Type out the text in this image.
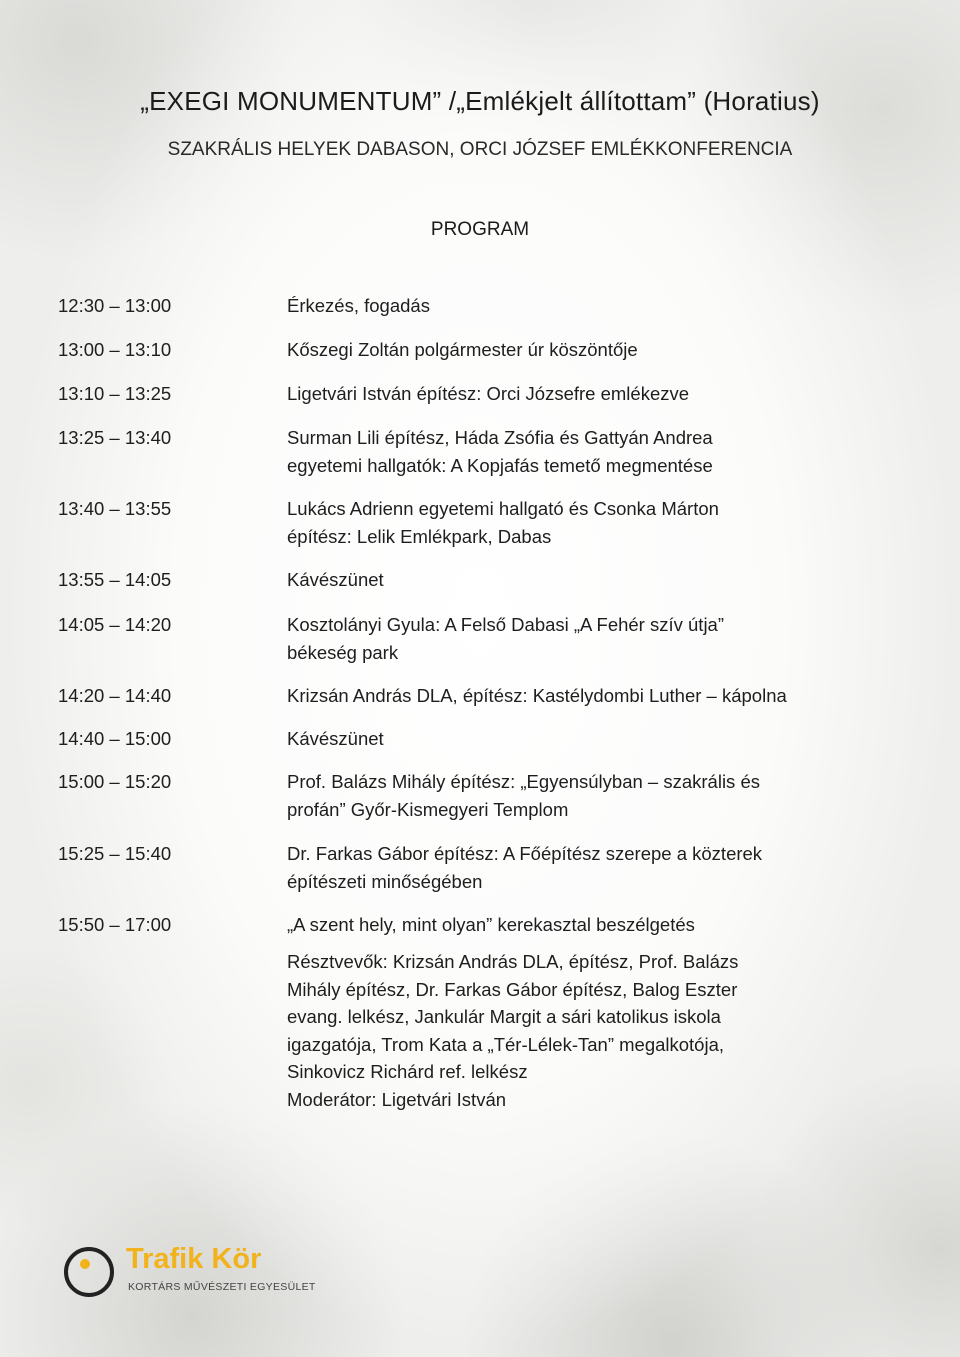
„EXEGI MONUMENTUM” /„Emlékjelt állítottam” (Horatius)
SZAKRÁLIS HELYEK DABASON, ORCI JÓZSEF EMLÉKKONFERENCIA
PROGRAM
12:30 – 13:00	Érkezés, fogadás
13:00 – 13:10	Kőszegi Zoltán polgármester úr köszöntője
13:10 – 13:25	Ligetvári István építész: Orci Józsefre emlékezve
13:25 – 13:40	Surman Lili építész, Háda Zsófia és Gattyán Andrea
egyetemi hallgatók: A Kopjafás temető megmentése
13:40 – 13:55	Lukács Adrienn egyetemi hallgató és Csonka Márton
építész: Lelik Emlékpark, Dabas
13:55 – 14:05	Kávészünet
14:05 – 14:20	Kosztolányi Gyula: A Felső Dabasi „A Fehér szív útja”
békeség park
14:20 – 14:40	Krizsán András DLA, építész: Kastélydombi Luther – kápolna
14:40 – 15:00	Kávészünet
15:00 – 15:20	Prof. Balázs Mihály építész: „Egyensúlyban – szakrális és
profán” Győr-Kismegyeri Templom
15:25 – 15:40	Dr. Farkas Gábor építész: A Főépítész szerepe a közterek
építészeti minőségében
15:50 – 17:00	„A szent hely, mint olyan” kerekasztal beszélgetés
Résztvevők: Krizsán András DLA, építész, Prof. Balázs
Mihály építész, Dr. Farkas Gábor építész, Balog Eszter
evang. lelkész, Jankulár Margit a sári katolikus iskola
igazgatója, Trom Kata a „Tér-Lélek-Tan” megalkotója,
Sinkovicz Richárd ref. lelkész
Moderátor: Ligetvári István
Trafik Kör
KORTÁRS MŰVÉSZETI EGYESÜLET
